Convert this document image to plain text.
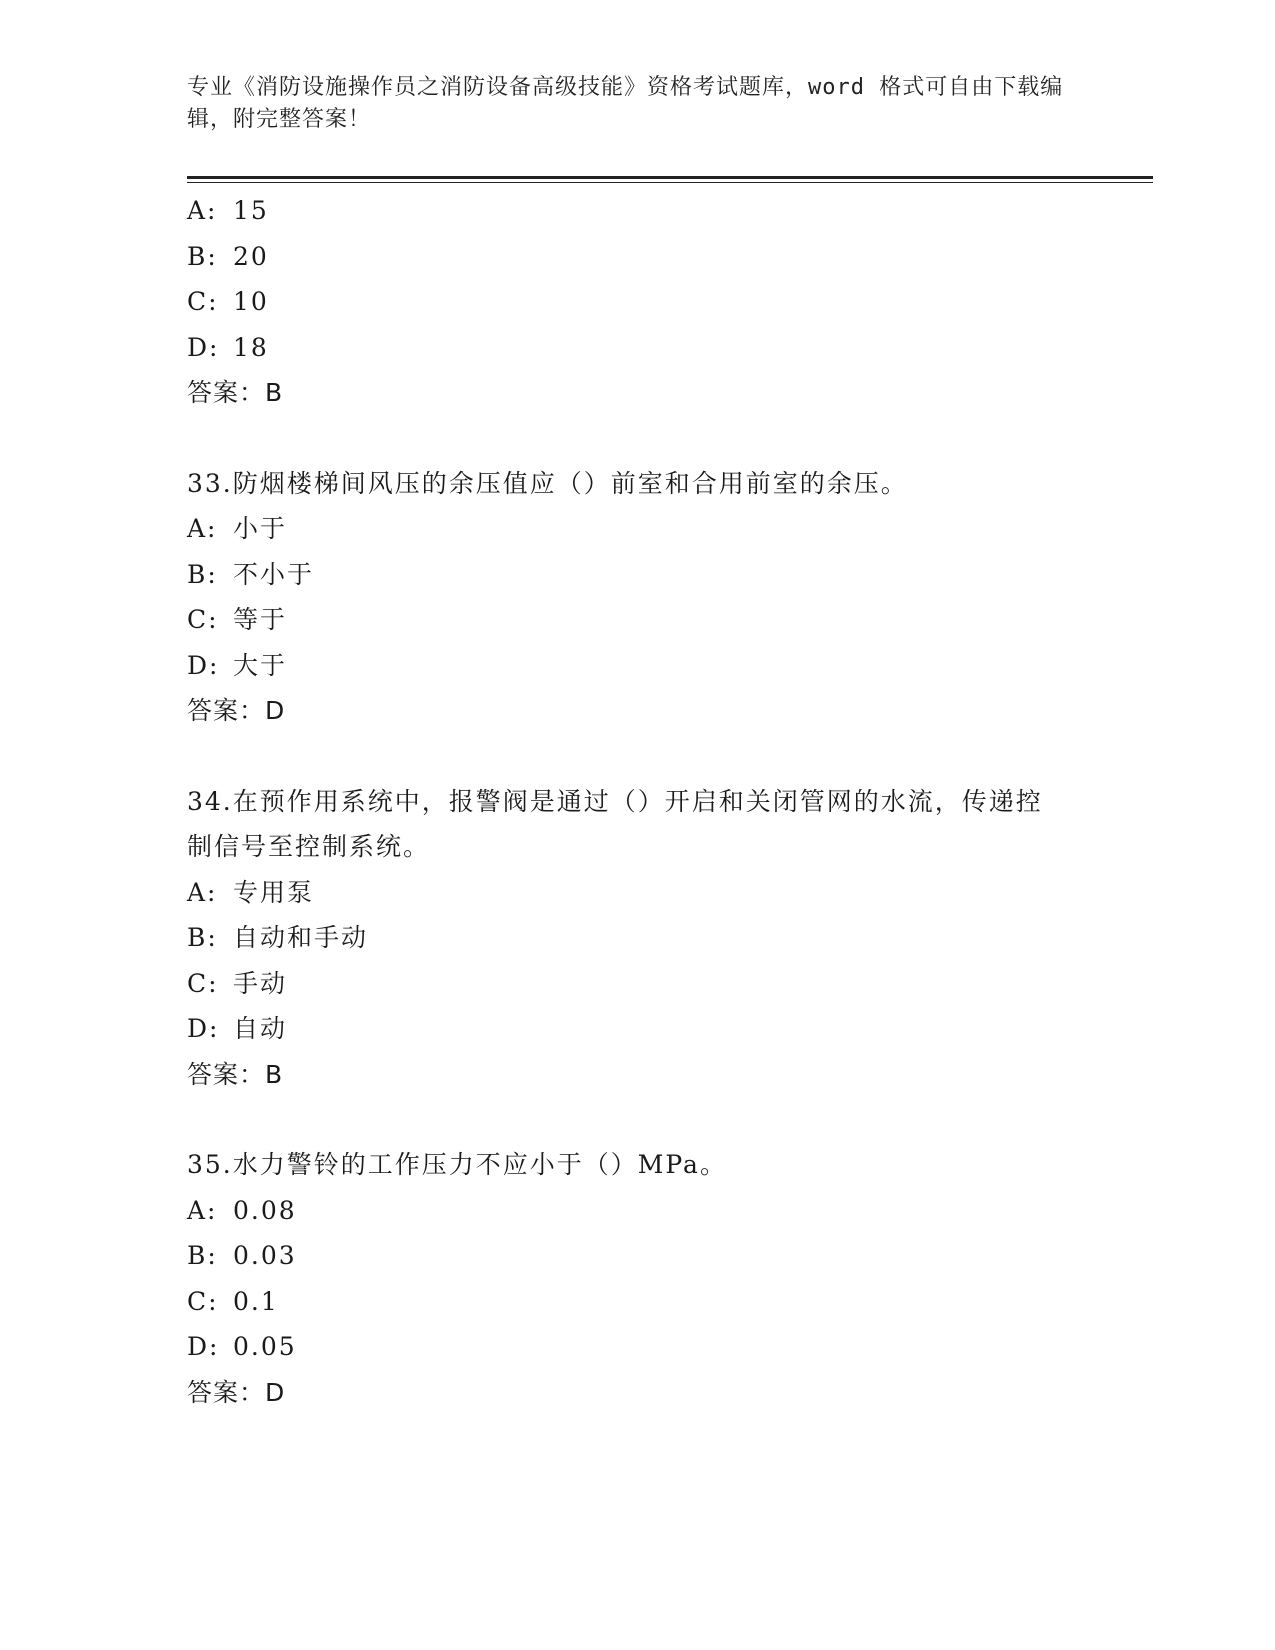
专业《消防设施操作员之消防设备高级技能》资格考试题库，word 格式可自由下载编辑，附完整答案！
A: 15
B: 20
C: 10
D: 18
答案：B
33.防烟楼梯间风压的余压值应（）前室和合用前室的余压。
A: 小于
B: 不小于
C: 等于
D: 大于
答案：D
34.在预作用系统中，报警阀是通过（）开启和关闭管网的水流，传递控制信号至控制系统。
A: 专用泵
B: 自动和手动
C: 手动
D: 自动
答案：B
35.水力警铃的工作压力不应小于（）MPa。
A: 0.08
B: 0.03
C: 0.1
D: 0.05
答案：D
